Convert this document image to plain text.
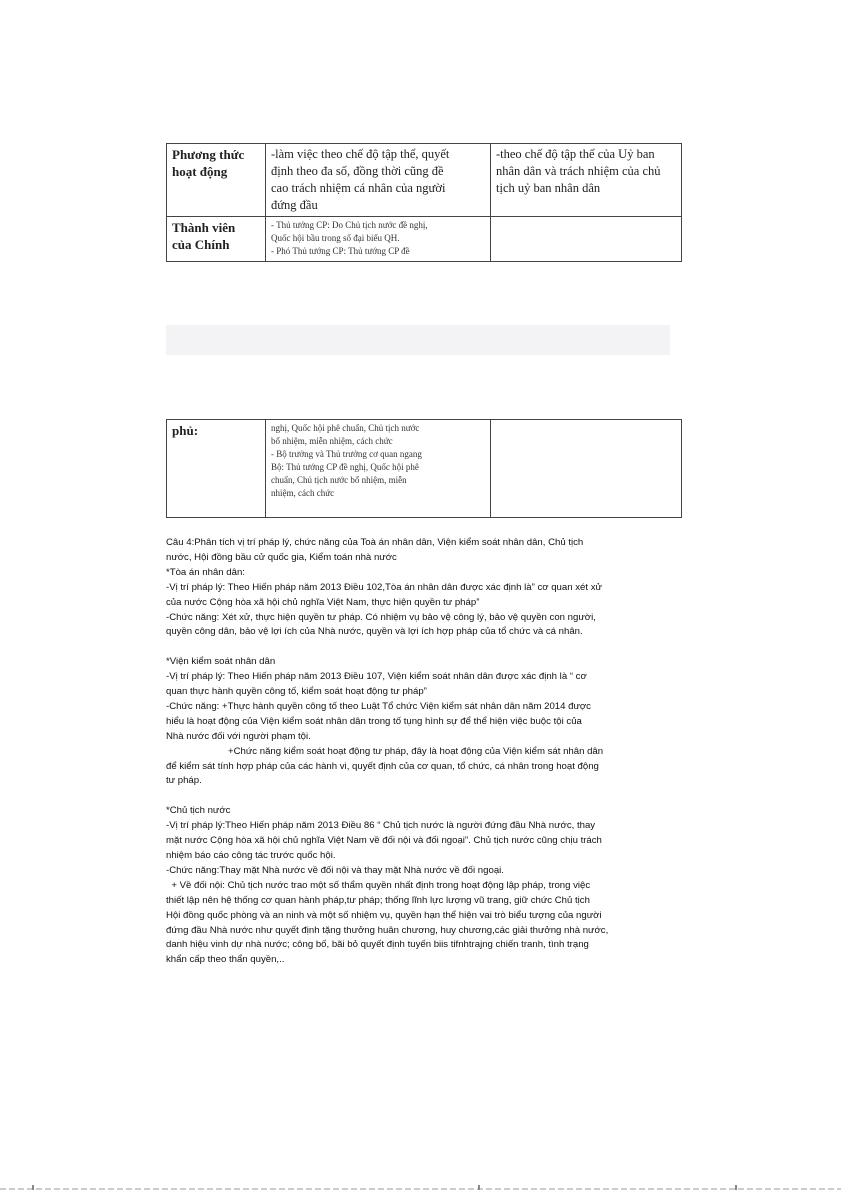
Phương thức
hoạt động	-làm việc theo chế độ tập thể, quyết
định theo đa số, đồng thời cũng đề
cao trách nhiệm cá nhân của người
đứng đầu	-theo chế độ tập thể của Uỷ ban
nhân dân và trách nhiệm của chủ
tịch uỷ ban nhân dân

Thành viên
của Chính	- Thủ tướng CP: Do Chủ tịch nước đề nghị,
Quốc hội bầu trong số đại biểu QH.
- Phó Thủ tướng CP: Thủ tướng CP đề	

phủ:	nghị, Quốc hội phê chuẩn, Chủ tịch nước
bổ nhiệm, miễn nhiệm, cách chức
- Bộ trưởng và Thủ trưởng cơ quan ngang
Bộ: Thủ tướng CP đề nghị, Quốc hội phê
chuẩn, Chủ tịch nước bổ nhiệm, miễn
nhiệm, cách chức

Câu 4:Phân tích vị trí pháp lý, chức năng của Toà án nhân dân, Viện kiểm soát nhân dân, Chủ tịch
nước, Hội đồng bầu cử quốc gia, Kiểm toán nhà nước
*Tòa án nhân dân:
-Vị trí pháp lý: Theo Hiến pháp năm 2013 Điều 102,Tòa án nhân dân được xác định là” cơ quan xét xử
của nước Cộng hòa xã hội chủ nghĩa Việt Nam, thực hiện quyền tư pháp”
-Chức năng: Xét xử, thực hiện quyền tư pháp. Có nhiệm vụ bảo vệ công lý, bảo vệ quyền con người,
quyền công dân, bảo vệ lợi ích của Nhà nước, quyền và lợi ích hợp pháp của tổ chức và cá nhân.
*Viện kiểm soát nhân dân
-Vị trí pháp lý: Theo Hiến pháp năm 2013 Điều 107, Viện kiểm soát nhân dân được xác định là “ cơ
quan thực hành quyền công tố, kiểm soát hoạt động tư pháp”
-Chức năng: +Thực hành quyền công tố theo Luật Tổ chức Viện kiểm sát nhân dân năm 2014 được
hiểu là hoạt động của Viện kiểm soát nhân dân trong tố tụng hình sự để thể hiện việc buộc tội của
Nhà nước đối với người phạm tội.
+Chức năng kiểm soát hoạt động tư pháp, đây là hoạt động của Viện kiểm sát nhân dân
để kiểm sát tính hợp pháp của các hành vi, quyết định của cơ quan, tổ chức, cá nhân trong hoạt động
tư pháp.
*Chủ tịch nước
-Vị trí pháp lý:Theo Hiến pháp năm 2013 Điều 86 “ Chủ tịch nước là người đứng đầu Nhà nước, thay
mặt nước Cộng hòa xã hội chủ nghĩa Việt Nam về đối nội và đối ngoại”. Chủ tịch nước cũng chịu trách
nhiệm báo cáo công tác trước quốc hội.
-Chức năng:Thay mặt Nhà nước về đối nội và thay mặt Nhà nước về đối ngoại.
+ Về đối nội: Chủ tịch nước trao một số thẩm quyền nhất định trong hoạt động lập pháp, trong việc
thiết lập nên hệ thống cơ quan hành pháp,tư pháp; thống lĩnh lực lượng vũ trang, giữ chức Chủ tịch
Hội đồng quốc phòng và an ninh và một số nhiệm vụ, quyền hạn thể hiện vai trò biểu tượng của người
đứng đầu Nhà nước như quyết định tặng thưởng huân chương, huy chương,các giải thưởng nhà nước,
danh hiệu vinh dự nhà nước; công bố, bãi bỏ quyết định tuyến biis tifnhtrajng chiến tranh, tình trạng
khẩn cấp theo thẩn quyền,..
